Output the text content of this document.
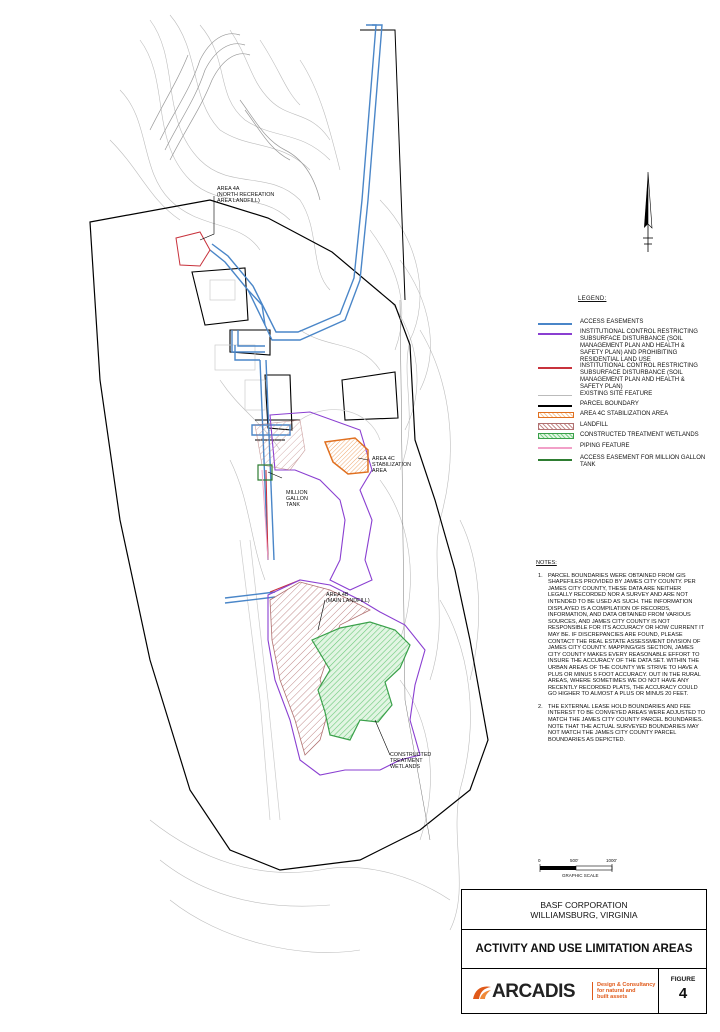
AREA 4A
(NORTH RECREATION
AREA LANDFILL)
AREA 4C
STABILIZATION
AREA
MILLION
GALLON
TANK
AREA 4B
(MAIN LANDFILL)
CONSTRUCTED
TREATMENT
WETLANDS
LEGEND:
ACCESS EASEMENTS
INSTITUTIONAL CONTROL RESTRICTING SUBSURFACE DISTURBANCE (SOIL MANAGEMENT PLAN AND HEALTH & SAFETY PLAN) AND PROHIBITING RESIDENTIAL LAND USE
INSTITUTIONAL CONTROL RESTRICTING SUBSURFACE DISTURBANCE (SOIL MANAGEMENT PLAN AND HEALTH & SAFETY PLAN)
EXISTING SITE FEATURE
PARCEL BOUNDARY
AREA 4C STABILIZATION AREA
LANDFILL
CONSTRUCTED TREATMENT WETLANDS
PIPING FEATURE
ACCESS EASEMENT FOR MILLION GALLON TANK
NOTES:
1. PARCEL BOUNDARIES WERE OBTAINED FROM GIS SHAPEFILES PROVIDED BY JAMES CITY COUNTY. PER JAMES CITY COUNTY, THESE DATA ARE NEITHER LEGALLY RECORDED NOR A SURVEY AND ARE NOT INTENDED TO BE USED AS SUCH. THE INFORMATION DISPLAYED IS A COMPILATION OF RECORDS, INFORMATION, AND DATA OBTAINED FROM VARIOUS SOURCES, AND JAMES CITY COUNTY IS NOT RESPONSIBLE FOR ITS ACCURACY OR HOW CURRENT IT MAY BE. IF DISCREPANCIES ARE FOUND, PLEASE CONTACT THE REAL ESTATE ASSESSMENT DIVISION OF JAMES CITY COUNTY. MAPPING/GIS SECTION, JAMES CITY COUNTY MAKES EVERY REASONABLE EFFORT TO INSURE THE ACCURACY OF THE DATA SET. WITHIN THE URBAN AREAS OF THE COUNTY WE STRIVE TO HAVE A PLUS OR MINUS 5 FOOT ACCURACY. OUT IN THE RURAL AREAS, WHERE SOMETIMES WE DO NOT HAVE ANY RECENTLY RECORDED PLATS, THE ACCURACY COULD GO HIGHER TO ALMOST A PLUS OR MINUS 20 FEET.
2. THE EXTERNAL LEASE HOLD BOUNDARIES AND FEE INTEREST TO BE CONVEYED AREAS WERE ADJUSTED TO MATCH THE JAMES CITY COUNTY PARCEL BOUNDARIES. NOTE THAT THE ACTUAL SURVEYED BOUNDARIES MAY NOT MATCH THE JAMES CITY COUNTY PARCEL BOUNDARIES AS DEPICTED.
0	500'	1000'
GRAPHIC SCALE
BASF CORPORATION
WILLIAMSBURG, VIRGINIA
ACTIVITY AND USE LIMITATION AREAS
ARCADIS	Design & Consultancy
for natural and
built assets
FIGURE
4
